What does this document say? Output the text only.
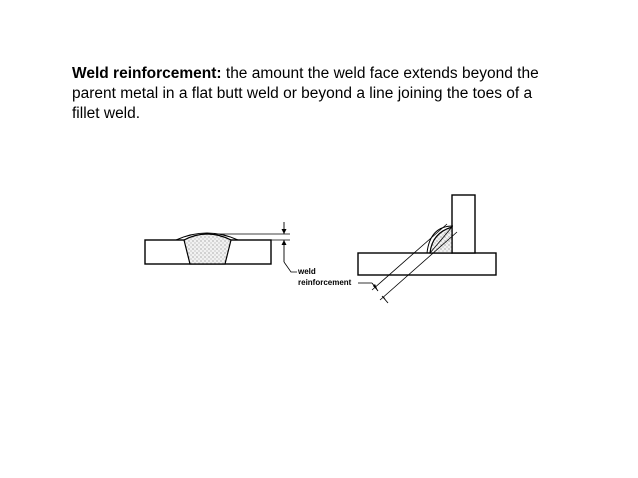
Weld reinforcement: the amount the weld face extends beyond the parent metal in a flat butt weld or beyond a line joining the toes of a fillet weld.

weld
reinforcement
